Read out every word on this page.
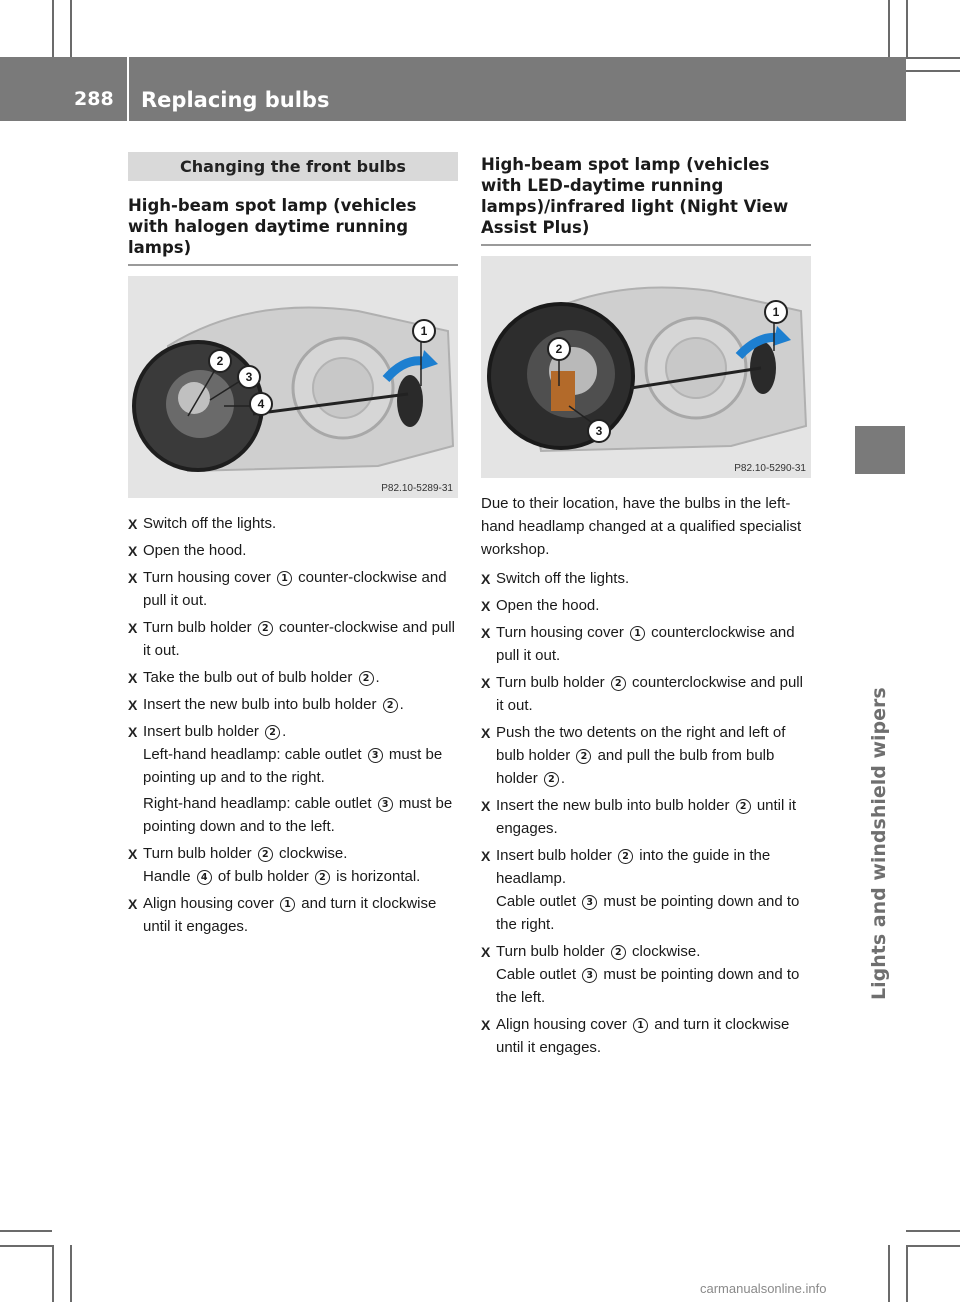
288	Replacing bulbs
Lights and windshield wipers
Changing the front bulbs
High-beam spot lamp (vehicles with halogen daytime running lamps)
1
2
3
4
P82.10-5289-31
X Switch off the lights.
X Open the hood.
X Turn housing cover 1 counter-clockwise and pull it out.
X Turn bulb holder 2 counter-clockwise and pull it out.
X Take the bulb out of bulb holder 2 .
X Insert the new bulb into bulb holder 2 .
X Insert bulb holder 2 .
Left-hand headlamp: cable outlet 3 must be pointing up and to the right.
Right-hand headlamp: cable outlet 3 must be pointing down and to the left.
X Turn bulb holder 2 clockwise.
Handle 4 of bulb holder 2 is horizontal.
X Align housing cover 1 and turn it clockwise until it engages.
High-beam spot lamp (vehicles with LED-daytime running lamps)/infrared light (Night View Assist Plus)
1
2
3
P82.10-5290-31
Due to their location, have the bulbs in the left-hand headlamp changed at a qualified specialist workshop.
X Switch off the lights.
X Open the hood.
X Turn housing cover 1 counterclockwise and pull it out.
X Turn bulb holder 2 counterclockwise and pull it out.
X Push the two detents on the right and left of bulb holder 2 and pull the bulb from bulb holder 2 .
X Insert the new bulb into bulb holder 2 until it engages.
X Insert bulb holder 2 into the guide in the headlamp.
Cable outlet 3 must be pointing down and to the right.
X Turn bulb holder 2 clockwise.
Cable outlet 3 must be pointing down and to the left.
X Align housing cover 1 and turn it clockwise until it engages.
carmanualsonline.info
